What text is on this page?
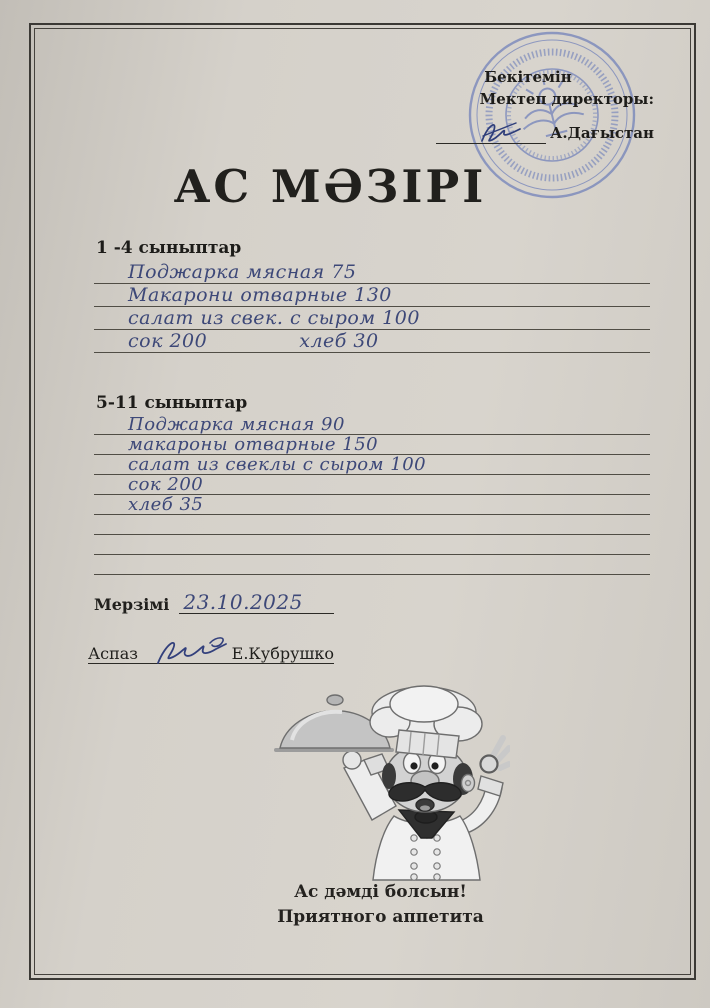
Бекітемін
Мектеп директоры:
А.Дағыстан
АС МӘЗІРІ
1 -4 сыныптар
Поджарка мясная 75
Макарони отварные 130
салат из свек. с сыром 100
сок 200	хлеб 30
5-11 сыныптар
Поджарка мясная 90
макароны отварные 150
салат из свеклы с сыром 100
сок 200
хлеб 35
Мерзімі 23.10.2025
Аспаз	Е.Кубрушко
Ас дәмді болсын!
Приятного аппетита
